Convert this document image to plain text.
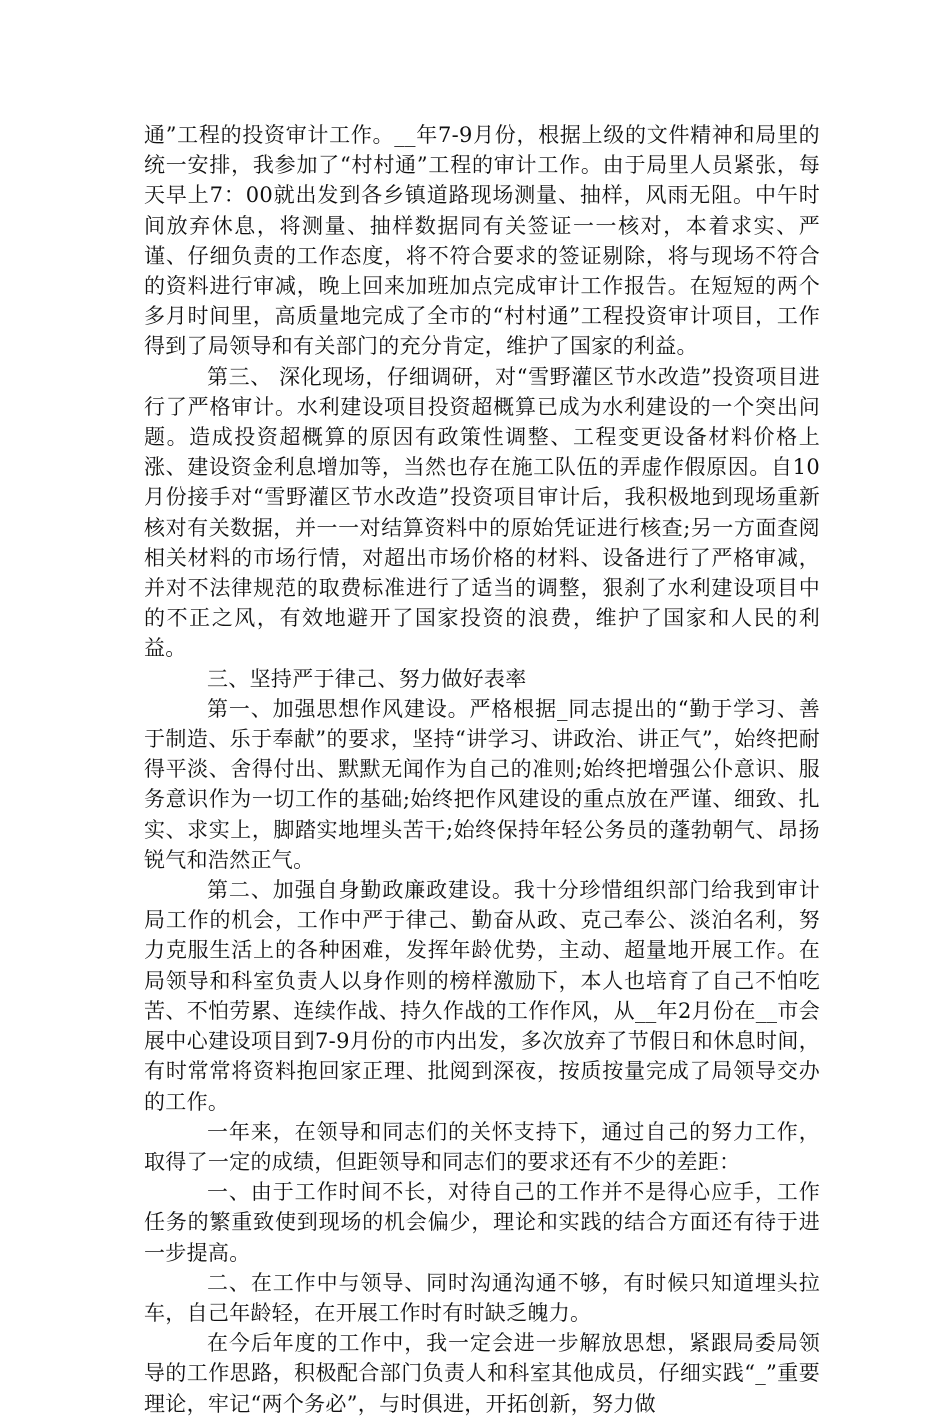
通”工程的投资审计工作。__年7-9月份，根据上级的文件精神和局里的统一安排，我参加了“村村通”工程的审计工作。由于局里人员紧张，每天早上7：00就出发到各乡镇道路现场测量、抽样，风雨无阻。中午时间放弃休息，将测量、抽样数据同有关签证一一核对，本着求实、严谨、仔细负责的工作态度，将不符合要求的签证剔除，将与现场不符合的资料进行审减，晚上回来加班加点完成审计工作报告。在短短的两个多月时间里，高质量地完成了全市的“村村通”工程投资审计项目，工作得到了局领导和有关部门的充分肯定，维护了国家的利益。

第三、 深化现场，仔细调研，对“雪野灌区节水改造”投资项目进行了严格审计。水利建设项目投资超概算已成为水利建设的一个突出问题。造成投资超概算的原因有政策性调整、工程变更设备材料价格上涨、建设资金利息增加等，当然也存在施工队伍的弄虚作假原因。自10月份接手对“雪野灌区节水改造”投资项目审计后，我积极地到现场重新核对有关数据，并一一对结算资料中的原始凭证进行核查;另一方面查阅相关材料的市场行情，对超出市场价格的材料、设备进行了严格审减，并对不法律规范的取费标准进行了适当的调整，狠刹了水利建设项目中的不正之风，有效地避开了国家投资的浪费，维护了国家和人民的利益。

三、坚持严于律己、努力做好表率

第一、加强思想作风建设。严格根据_同志提出的“勤于学习、善于制造、乐于奉献”的要求，坚持“讲学习、讲政治、讲正气”，始终把耐得平淡、舍得付出、默默无闻作为自己的准则;始终把增强公仆意识、服务意识作为一切工作的基础;始终把作风建设的重点放在严谨、细致、扎实、求实上，脚踏实地埋头苦干;始终保持年轻公务员的蓬勃朝气、昂扬锐气和浩然正气。

第二、加强自身勤政廉政建设。我十分珍惜组织部门给我到审计局工作的机会，工作中严于律己、勤奋从政、克己奉公、淡泊名利，努力克服生活上的各种困难，发挥年龄优势，主动、超量地开展工作。在局领导和科室负责人以身作则的榜样激励下，本人也培育了自己不怕吃苦、不怕劳累、连续作战、持久作战的工作作风，从__年2月份在__市会展中心建设项目到7-9月份的市内出发，多次放弃了节假日和休息时间，有时常常将资料抱回家正理、批阅到深夜，按质按量完成了局领导交办的工作。

一年来，在领导和同志们的关怀支持下，通过自己的努力工作，取得了一定的成绩，但距领导和同志们的要求还有不少的差距：

一、由于工作时间不长，对待自己的工作并不是得心应手，工作任务的繁重致使到现场的机会偏少，理论和实践的结合方面还有待于进一步提高。

二、在工作中与领导、同时沟通沟通不够，有时候只知道埋头拉车，自己年龄轻，在开展工作时有时缺乏魄力。

在今后年度的工作中，我一定会进一步解放思想，紧跟局委局领导的工作思路，积极配合部门负责人和科室其他成员，仔细实践“_”重要理论，牢记“两个务必”，与时俱进，开拓创新，努力做
